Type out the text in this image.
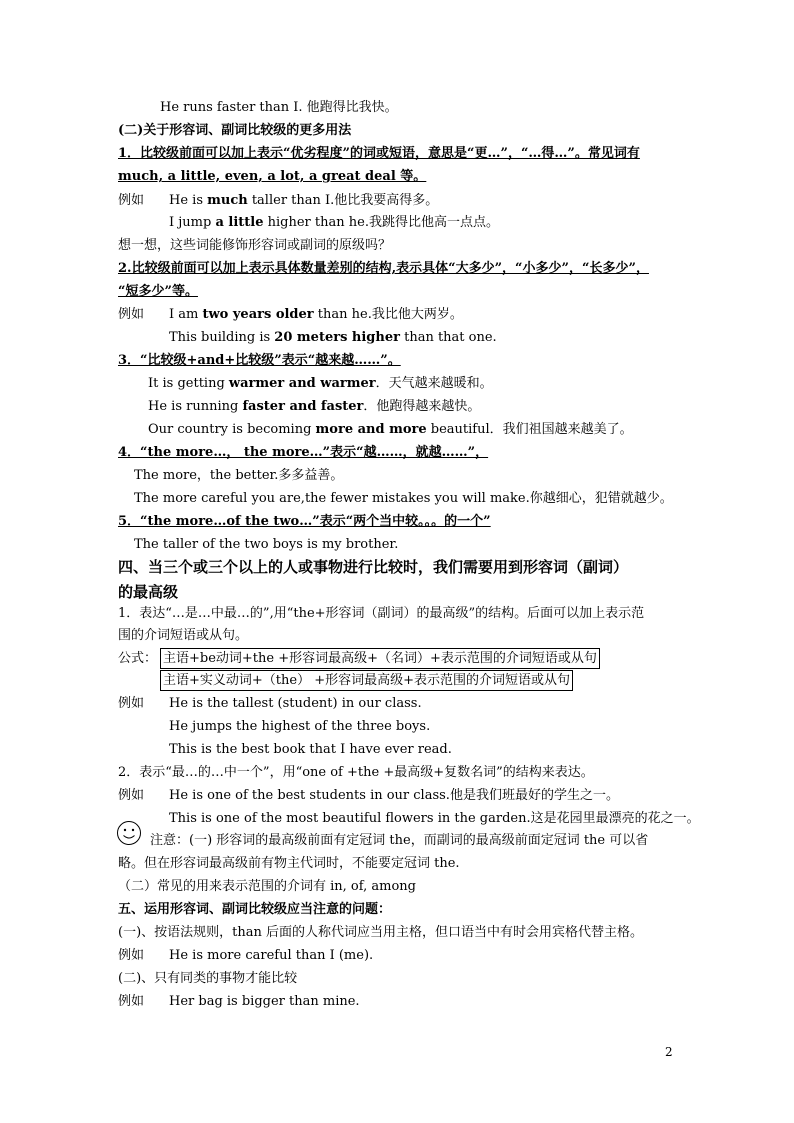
He runs faster than I. 他跑得比我快。
(二)关于形容词、副词比较级的更多用法
1．比较级前面可以加上表示“优劣程度”的词或短语，意思是“更…”，“…得…”。常见词有
much, a little, even, a lot, a great deal 等。
例如 He is much taller than I.他比我要高得多。
I jump a little higher than he.我跳得比他高一点点。
想一想，这些词能修饰形容词或副词的原级吗？
2.比较级前面可以加上表示具体数量差别的结构,表示具体“大多少”，“小多少”，“长多少”，
“短多少”等。
例如 I am two years older than he.我比他大两岁。
This building is 20 meters higher than that one.
3．“比较级+and+比较级”表示“越来越……”。
It is getting warmer and warmer．天气越来越暖和。
He is running faster and faster．他跑得越来越快。
Our country is becoming more and more beautiful．我们祖国越来越美了。
4．“the more…， the more…”表示“越……，就越……”，
The more，the better.多多益善。
The more careful you are,the fewer mistakes you will make.你越细心，犯错就越少。
5．“the more…of the two…”表示“两个当中较。。。的一个”
The taller of the two boys is my brother.
四、当三个或三个以上的人或事物进行比较时，我们需要用到形容词（副词）
的最高级
1．表达“…是…中最…的”,用“the+形容词（副词）的最高级”的结构。后面可以加上表示范
围的介词短语或从句。
公式： 主语+be动词+the +形容词最高级+（名词）+表示范围的介词短语或从句
主语+实义动词+（the） +形容词最高级+表示范围的介词短语或从句
例如 He is the tallest (student) in our class.
He jumps the highest of the three boys.
This is the best book that I have ever read.
2．表示“最…的…中一个”，用“one of +the +最高级+复数名词”的结构来表达。
例如 He is one of the best students in our class.他是我们班最好的学生之一。
This is one of the most beautiful flowers in the garden.这是花园里最漂亮的花之一。
注意：(一) 形容词的最高级前面有定冠词 the，而副词的最高级前面定冠词 the 可以省
略。但在形容词最高级前有物主代词时，不能要定冠词 the.
（二）常见的用来表示范围的介词有 in, of, among
五、运用形容词、副词比较级应当注意的问题：
(一)、按语法规则，than 后面的人称代词应当用主格，但口语当中有时会用宾格代替主格。
例如 He is more careful than I (me).
(二)、只有同类的事物才能比较
例如 Her bag is bigger than mine.
2
